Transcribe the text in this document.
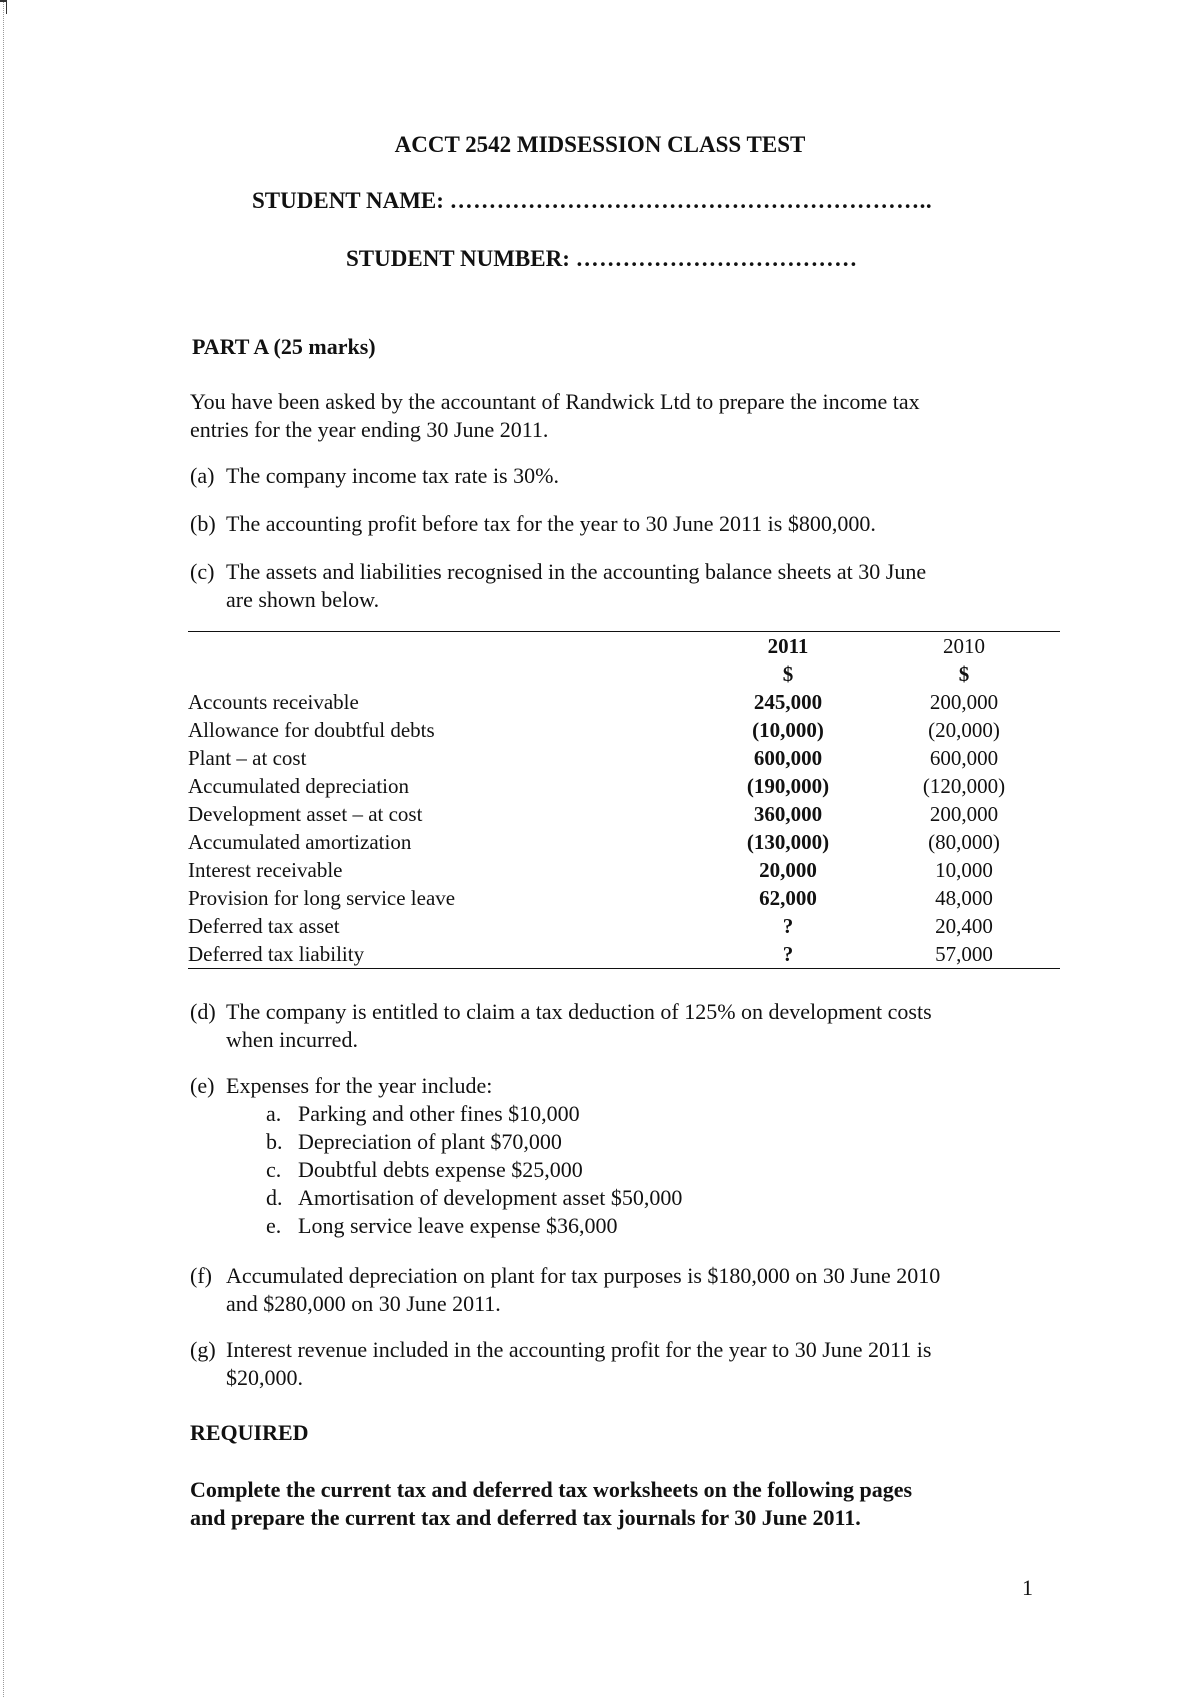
ACCT 2542 MIDSESSION CLASS TEST
STUDENT NAME: ……………………………………………………..
STUDENT NUMBER: ………………………………
PART A (25 marks)
You have been asked by the accountant of Randwick Ltd to prepare the income tax
entries for the year ending 30 June 2011.
(a) The company income tax rate is 30%.
(b) The accounting profit before tax for the year to 30 June 2011 is $800,000.
(c) The assets and liabilities recognised in the accounting balance sheets at 30 June
are shown below.
	2011	2010
	$	$
Accounts receivable	245,000	200,000
Allowance for doubtful debts	(10,000)	(20,000)
Plant – at cost	600,000	600,000
Accumulated depreciation	(190,000)	(120,000)
Development asset – at cost	360,000	200,000
Accumulated amortization	(130,000)	(80,000)
Interest receivable	20,000	10,000
Provision for long service leave	62,000	48,000
Deferred tax asset	?	20,400
Deferred tax liability	?	57,000
(d) The company is entitled to claim a tax deduction of 125% on development costs
when incurred.
(e) Expenses for the year include:
a. Parking and other fines $10,000
b. Depreciation of plant $70,000
c. Doubtful debts expense $25,000
d. Amortisation of development asset $50,000
e. Long service leave expense $36,000
(f) Accumulated depreciation on plant for tax purposes is $180,000 on 30 June 2010
and $280,000 on 30 June 2011.
(g) Interest revenue included in the accounting profit for the year to 30 June 2011 is
$20,000.
REQUIRED
Complete the current tax and deferred tax worksheets on the following pages
and prepare the current tax and deferred tax journals for 30 June 2011.
1
